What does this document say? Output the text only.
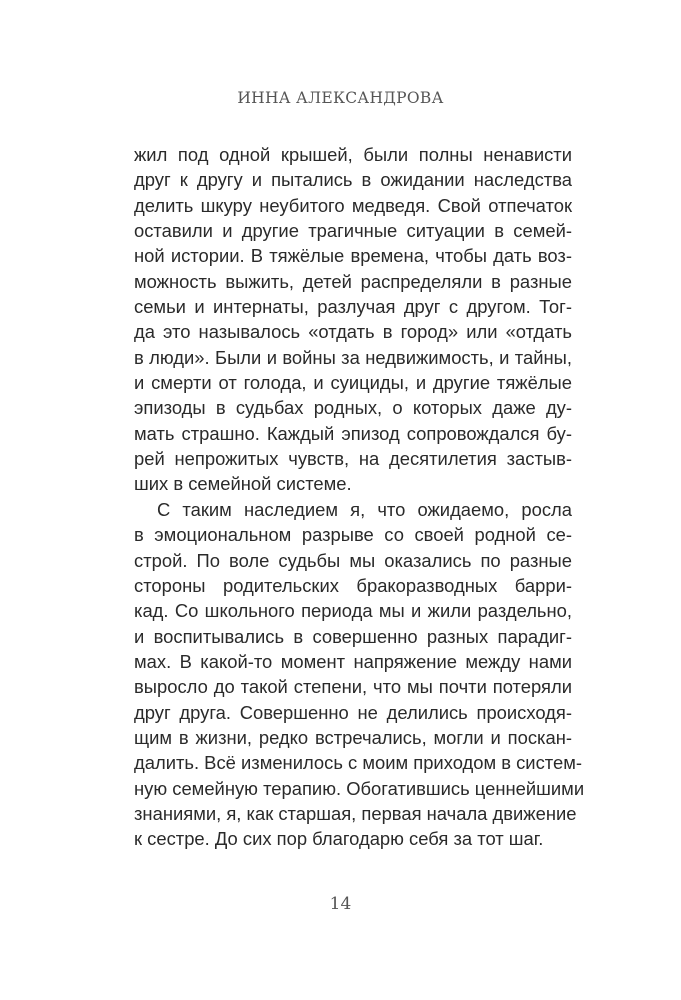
ИННА АЛЕКСАНДРОВА
жил под одной крышей, были полны ненависти
друг к другу и пытались в ожидании наследства
делить шкуру неубитого медведя. Свой отпечаток
оставили и другие трагичные ситуации в семей-
ной истории. В тяжёлые времена, чтобы дать воз-
можность выжить, детей распределяли в разные
семьи и интернаты, разлучая друг с другом. Тог-
да это называлось «отдать в город» или «отдать
в люди». Были и войны за недвижимость, и тайны,
и смерти от голода, и суициды, и другие тяжёлые
эпизоды в судьбах родных, о которых даже ду-
мать страшно. Каждый эпизод сопровождался бу-
рей непрожитых чувств, на десятилетия застыв-
ших в семейной системе.
С таким наследием я, что ожидаемо, росла
в эмоциональном разрыве со своей родной се-
строй. По воле судьбы мы оказались по разные
стороны родительских бракоразводных барри-
кад. Со школьного периода мы и жили раздельно,
и воспитывались в совершенно разных парадиг-
мах. В какой-то момент напряжение между нами
выросло до такой степени, что мы почти потеряли
друг друга. Совершенно не делились происходя-
щим в жизни, редко встречались, могли и поскан-
далить. Всё изменилось с моим приходом в систем-
ную семейную терапию. Обогатившись ценнейшими
знаниями, я, как старшая, первая начала движение
к сестре. До сих пор благодарю себя за тот шаг.
14
